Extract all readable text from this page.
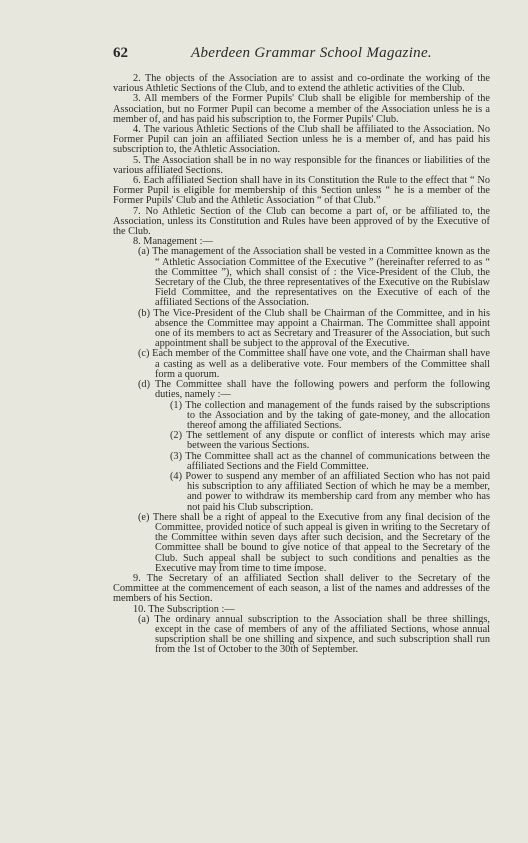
62	Aberdeen Grammar School Magazine.

2. The objects of the Association are to assist and co-ordinate the working of the various Athletic Sections of the Club, and to extend the athletic activities of the Club.

3. All members of the Former Pupils' Club shall be eligible for membership of the Association, but no Former Pupil can become a member of the Association unless he is a member of, and has paid his subscription to, the Former Pupils' Club.

4. The various Athletic Sections of the Club shall be affiliated to the Association. No Former Pupil can join an affiliated Section unless he is a member of, and has paid his subscription to, the Athletic Association.

5. The Association shall be in no way responsible for the finances or liabilities of the various affiliated Sections.

6. Each affiliated Section shall have in its Constitution the Rule to the effect that “ No Former Pupil is eligible for membership of this Section unless “ he is a member of the Former Pupils' Club and the Athletic Association “ of that Club.”

7. No Athletic Section of the Club can become a part of, or be affiliated to, the Association, unless its Constitution and Rules have been approved of by the Executive of the Club.

8. Management :—

(a) The management of the Association shall be vested in a Committee known as the “ Athletic Association Committee of the Executive ” (hereinafter referred to as “ the Committee ”), which shall consist of : the Vice-President of the Club, the Secretary of the Club, the three representatives of the Executive on the Rubislaw Field Committee, and the representatives on the Executive of each of the affiliated Sections of the Association.

(b) The Vice-President of the Club shall be Chairman of the Committee, and in his absence the Committee may appoint a Chairman. The Committee shall appoint one of its members to act as Secretary and Treasurer of the Association, but such appointment shall be subject to the approval of the Executive.

(c) Each member of the Committee shall have one vote, and the Chairman shall have a casting as well as a deliberative vote. Four members of the Committee shall form a quorum.

(d) The Committee shall have the following powers and perform the following duties, namely :—

(1) The collection and management of the funds raised by the subscriptions to the Association and by the taking of gate-money, and the allocation thereof among the affiliated Sections.

(2) The settlement of any dispute or conflict of interests which may arise between the various Sections.

(3) The Committee shall act as the channel of communications between the affiliated Sections and the Field Committee.

(4) Power to suspend any member of an affiliated Section who has not paid his subscription to any affiliated Section of which he may be a member, and power to withdraw its membership card from any member who has not paid his Club subscription.

(e) There shall be a right of appeal to the Executive from any final decision of the Committee, provided notice of such appeal is given in writing to the Secretary of the Committee within seven days after such decision, and the Secretary of the Committee shall be bound to give notice of that appeal to the Secretary of the Club. Such appeal shall be subject to such conditions and penalties as the Executive may from time to time impose.

9. The Secretary of an affiliated Section shall deliver to the Secretary of the Committee at the commencement of each season, a list of the names and addresses of the members of his Section.

10. The Subscription :—

(a) The ordinary annual subscription to the Association shall be three shillings, except in the case of members of any of the affiliated Sections, whose annual supscription shall be one shilling and sixpence, and such subscription shall run from the 1st of October to the 30th of September.
